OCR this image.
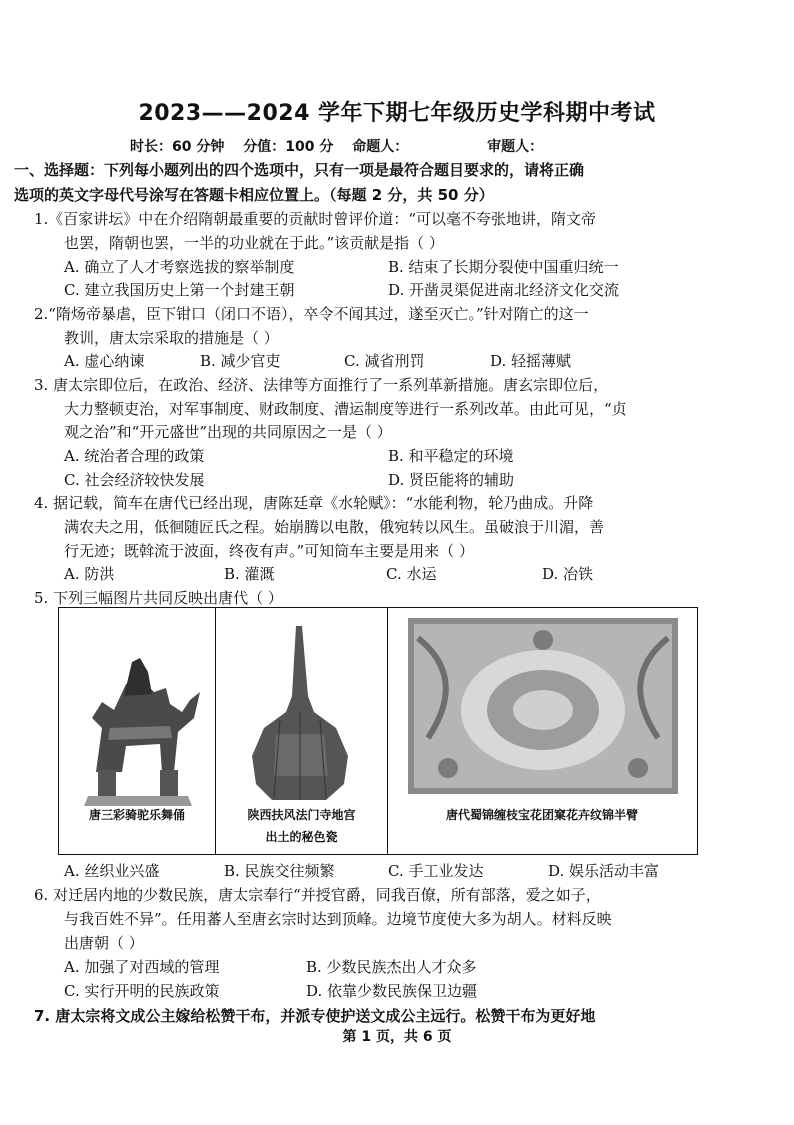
2023——2024 学年下期七年级历史学科期中考试
时长：60 分钟 分值：100 分 命题人：	审题人：
一、选择题：下列每小题列出的四个选项中，只有一项是最符合题目要求的，请将正确
选项的英文字母代号涂写在答题卡相应位置上。（每题 2 分，共 50 分）
1.《百家讲坛》中在介绍隋朝最重要的贡献时曾评价道：“可以毫不夸张地讲，隋文帝
也罢，隋朝也罢，一半的功业就在于此。”该贡献是指（ ）
A. 确立了人才考察选拔的察举制度	B. 结束了长期分裂使中国重归统一
C. 建立我国历史上第一个封建王朝	D. 开凿灵渠促进南北经济文化交流
2.“隋炀帝暴虐，臣下钳口（闭口不语），卒令不闻其过，遂至灭亡。”针对隋亡的这一
教训，唐太宗采取的措施是（ ）
A. 虚心纳谏	B. 减少官吏	C. 减省刑罚	D. 轻摇薄赋
3. 唐太宗即位后，在政治、经济、法律等方面推行了一系列革新措施。唐玄宗即位后，
大力整顿吏治，对军事制度、财政制度、漕运制度等进行一系列改革。由此可见，“贞
观之治”和“开元盛世”出现的共同原因之一是（ ）
A. 统治者合理的政策	B. 和平稳定的环境
C. 社会经济较快发展	D. 贤臣能将的辅助
4. 据记载，简车在唐代已经出现，唐陈廷章《水轮赋》：“水能利物，轮乃曲成。升降
满农夫之用，低徊随匠氏之程。始崩腾以电散，俄宛转以风生。虽破浪于川湄，善
行无迹；既斡流于波面，终夜有声。”可知筒车主要是用来（ ）
A. 防洪	B. 灌溉	C. 水运	D. 冶铁
5. 下列三幅图片共同反映出唐代（ ）
唐三彩骑驼乐舞俑	陕西扶风法门寺地宫
出土的秘色瓷
唐代蜀锦缠枝宝花团窠花卉纹锦半臂
A. 丝织业兴盛	B. 民族交往频繁	C. 手工业发达	D. 娱乐活动丰富
6. 对迁居内地的少数民族，唐太宗奉行“并授官爵，同我百僚，所有部落，爱之如子，
与我百姓不异”。任用蕃人至唐玄宗时达到顶峰。边境节度使大多为胡人。材料反映
出唐朝（ ）
A. 加强了对西域的管理	B. 少数民族杰出人才众多
C. 实行开明的民族政策	D. 依靠少数民族保卫边疆
7. 唐太宗将文成公主嫁给松赞干布，并派专使护送文成公主远行。松赞干布为更好地
第 1 页，共 6 页
